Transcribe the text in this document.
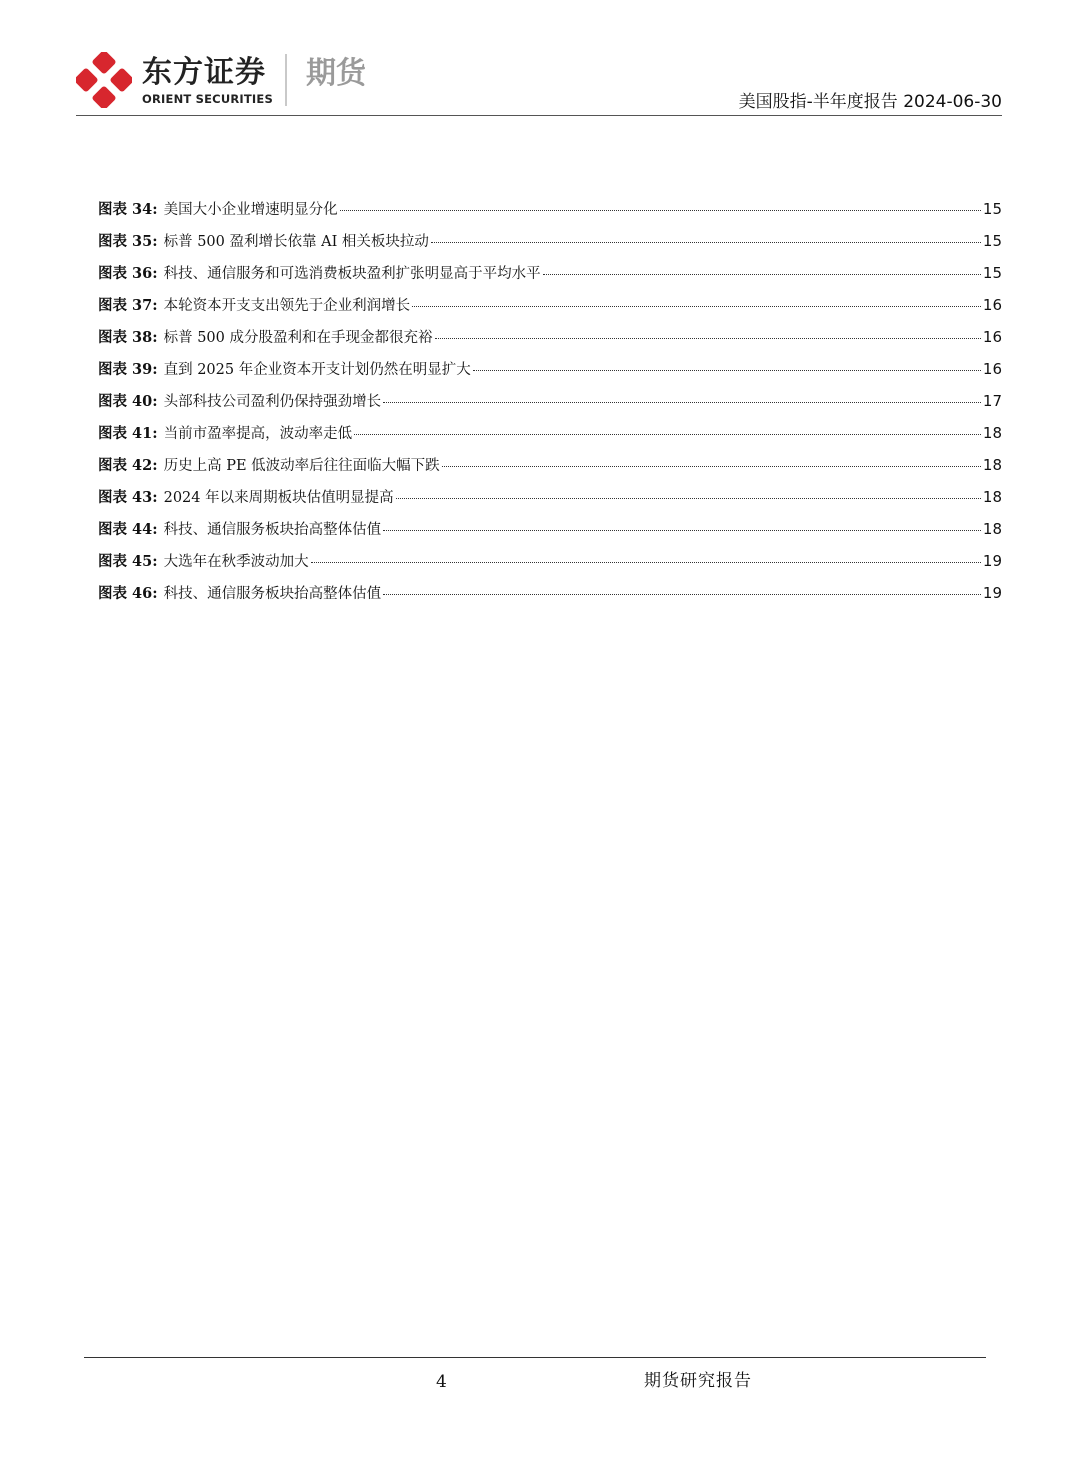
东方证券
ORIENT SECURITIES
期货
美国股指-半年度报告 2024-06-30
图表 34: 美国大小企业增速明显分化	15
图表 35: 标普 500 盈利增长依靠 AI 相关板块拉动	15
图表 36: 科技、通信服务和可选消费板块盈利扩张明显高于平均水平	15
图表 37: 本轮资本开支支出领先于企业利润增长	16
图表 38: 标普 500 成分股盈利和在手现金都很充裕	16
图表 39: 直到 2025 年企业资本开支计划仍然在明显扩大	16
图表 40: 头部科技公司盈利仍保持强劲增长	17
图表 41: 当前市盈率提高，波动率走低	18
图表 42: 历史上高 PE 低波动率后往往面临大幅下跌	18
图表 43: 2024 年以来周期板块估值明显提高	18
图表 44: 科技、通信服务板块抬高整体估值	18
图表 45: 大选年在秋季波动加大	19
图表 46: 科技、通信服务板块抬高整体估值	19
4	期货研究报告
